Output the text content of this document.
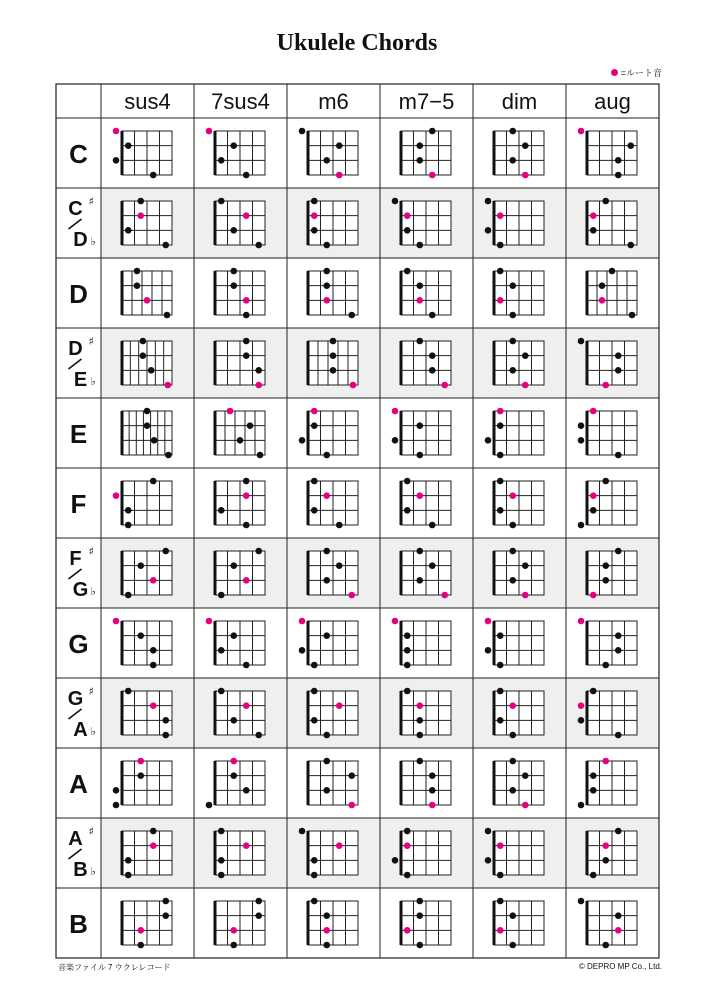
Ukulele Chords
=ルート音
sus4 7sus4 m6 m7−5 dim	aug
C
C ♯
D ♭
D
D ♯
E ♭
E
F
F ♯
G ♭
G
G ♯
A ♭
A
A ♯
B ♭
B
音楽ファイル 7 ウクレレコード	© DEPRO MP Co., Ltd.
